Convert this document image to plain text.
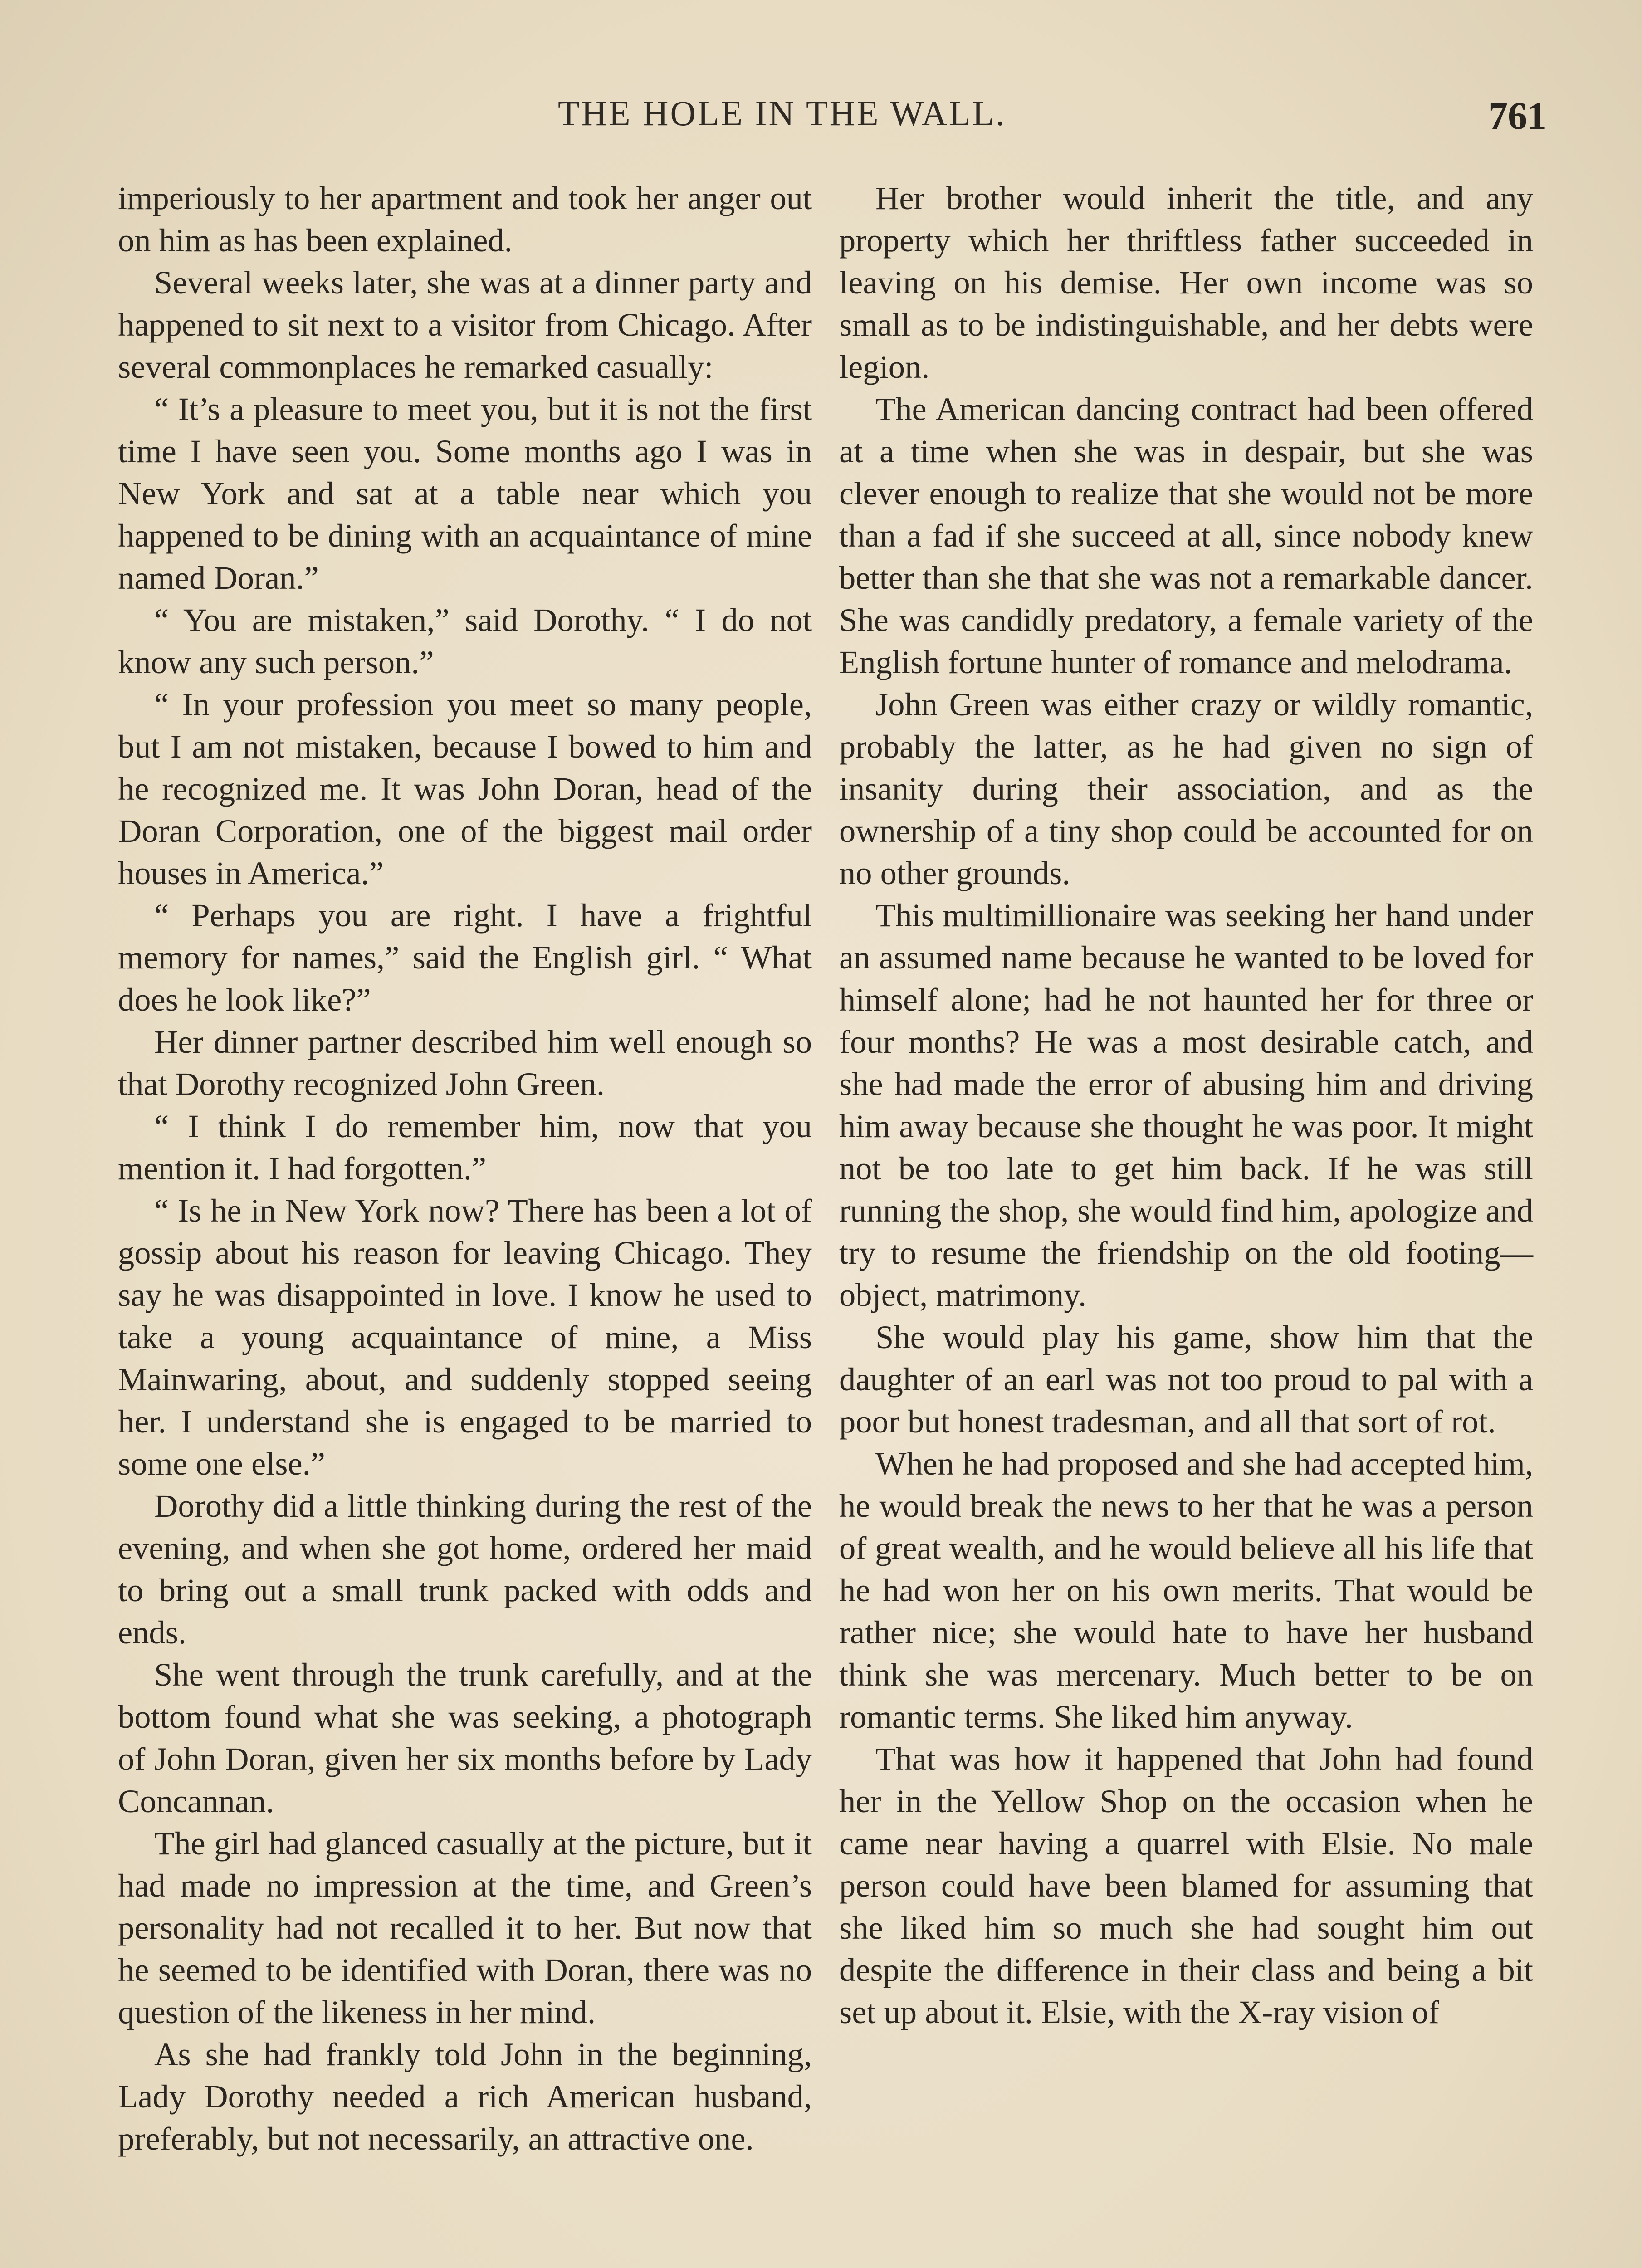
THE HOLE IN THE WALL.	761

imperiously to her apartment and took her anger out on him as has been explained.

Several weeks later, she was at a dinner party and happened to sit next to a visitor from Chicago. After several commonplaces he remarked casually:

“ It’s a pleasure to meet you, but it is not the first time I have seen you. Some months ago I was in New York and sat at a table near which you happened to be dining with an acquaintance of mine named Doran.”

“ You are mistaken,” said Dorothy. “ I do not know any such person.”

“ In your profession you meet so many people, but I am not mistaken, because I bowed to him and he recognized me. It was John Doran, head of the Doran Corporation, one of the biggest mail order houses in America.”

“ Perhaps you are right. I have a frightful memory for names,” said the English girl. “ What does he look like?”

Her dinner partner described him well enough so that Dorothy recognized John Green.

“ I think I do remember him, now that you mention it. I had forgotten.”

“ Is he in New York now? There has been a lot of gossip about his reason for leaving Chicago. They say he was disappointed in love. I know he used to take a young acquaintance of mine, a Miss Mainwaring, about, and suddenly stopped seeing her. I understand she is engaged to be married to some one else.”

Dorothy did a little thinking during the rest of the evening, and when she got home, ordered her maid to bring out a small trunk packed with odds and ends.

She went through the trunk carefully, and at the bottom found what she was seeking, a photograph of John Doran, given her six months before by Lady Concannan.

The girl had glanced casually at the picture, but it had made no impression at the time, and Green’s personality had not recalled it to her. But now that he seemed to be identified with Doran, there was no question of the likeness in her mind.

As she had frankly told John in the beginning, Lady Dorothy needed a rich American husband, preferably, but not necessarily, an attractive one.

Her brother would inherit the title, and any property which her thriftless father succeeded in leaving on his demise. Her own income was so small as to be indistinguishable, and her debts were legion.

The American dancing contract had been offered at a time when she was in despair, but she was clever enough to realize that she would not be more than a fad if she succeed at all, since nobody knew better than she that she was not a remarkable dancer. She was candidly predatory, a female variety of the English fortune hunter of romance and melodrama.

John Green was either crazy or wildly romantic, probably the latter, as he had given no sign of insanity during their association, and as the ownership of a tiny shop could be accounted for on no other grounds.

This multimillionaire was seeking her hand under an assumed name because he wanted to be loved for himself alone; had he not haunted her for three or four months? He was a most desirable catch, and she had made the error of abusing him and driving him away because she thought he was poor. It might not be too late to get him back. If he was still running the shop, she would find him, apologize and try to resume the friendship on the old footing— object, matrimony.

She would play his game, show him that the daughter of an earl was not too proud to pal with a poor but honest tradesman, and all that sort of rot.

When he had proposed and she had accepted him, he would break the news to her that he was a person of great wealth, and he would believe all his life that he had won her on his own merits. That would be rather nice; she would hate to have her husband think she was mercenary. Much better to be on romantic terms. She liked him anyway.

That was how it happened that John had found her in the Yellow Shop on the occasion when he came near having a quarrel with Elsie. No male person could have been blamed for assuming that she liked him so much she had sought him out despite the difference in their class and being a bit set up about it. Elsie, with the X-ray vision of
